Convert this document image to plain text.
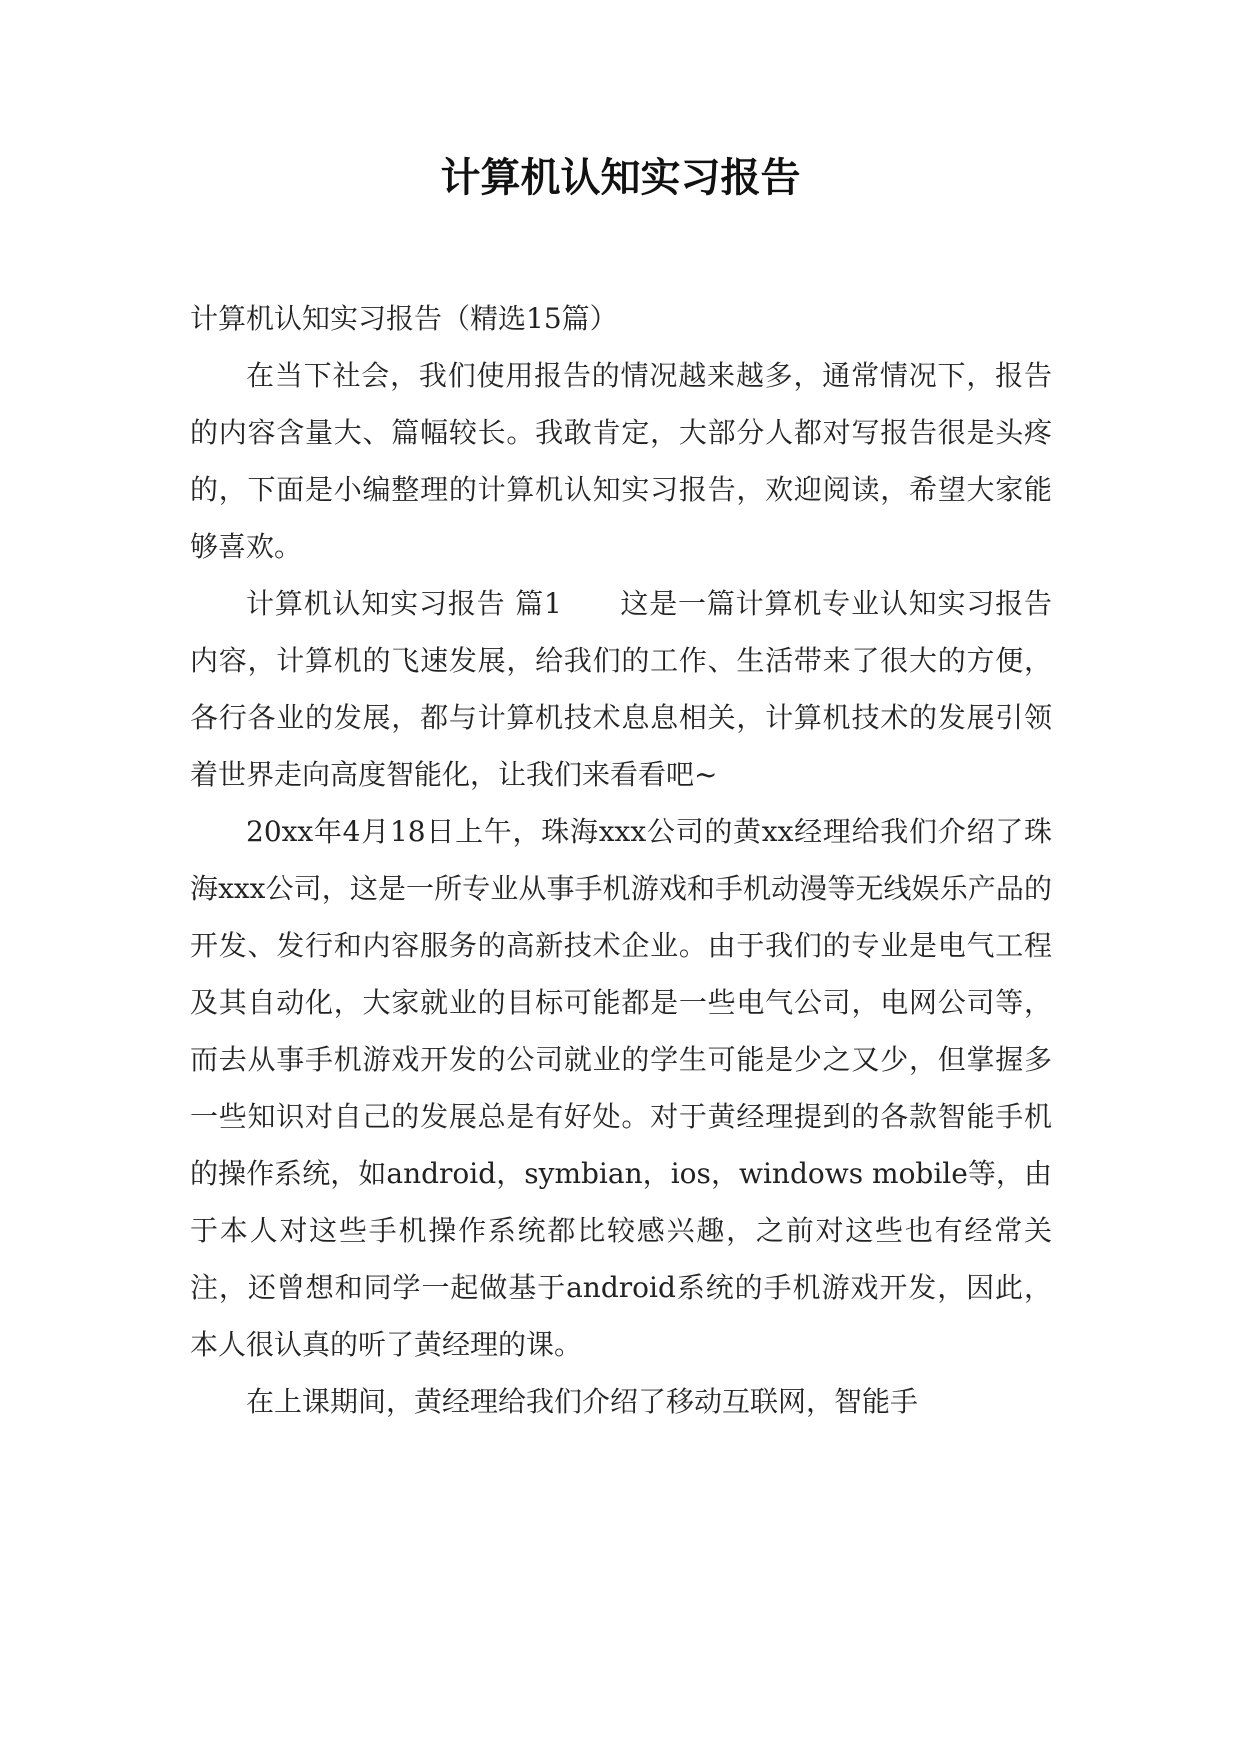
计算机认知实习报告

计算机认知实习报告（精选15篇）

在当下社会，我们使用报告的情况越来越多，通常情况下，报告的内容含量大、篇幅较长。我敢肯定，大部分人都对写报告很是头疼的，下面是小编整理的计算机认知实习报告，欢迎阅读，希望大家能够喜欢。

计算机认知实习报告 篇1　　这是一篇计算机专业认知实习报告内容，计算机的飞速发展，给我们的工作、生活带来了很大的方便，各行各业的发展，都与计算机技术息息相关，计算机技术的发展引领着世界走向高度智能化，让我们来看看吧~

20xx年4月18日上午，珠海xxx公司的黄xx经理给我们介绍了珠海xxx公司，这是一所专业从事手机游戏和手机动漫等无线娱乐产品的开发、发行和内容服务的高新技术企业。由于我们的专业是电气工程及其自动化，大家就业的目标可能都是一些电气公司，电网公司等，而去从事手机游戏开发的公司就业的学生可能是少之又少，但掌握多一些知识对自己的发展总是有好处。对于黄经理提到的各款智能手机的操作系统，如android，symbian，ios，windows mobile等，由于本人对这些手机操作系统都比较感兴趣，之前对这些也有经常关注，还曾想和同学一起做基于android系统的手机游戏开发，因此，本人很认真的听了黄经理的课。

在上课期间，黄经理给我们介绍了移动互联网，智能手
